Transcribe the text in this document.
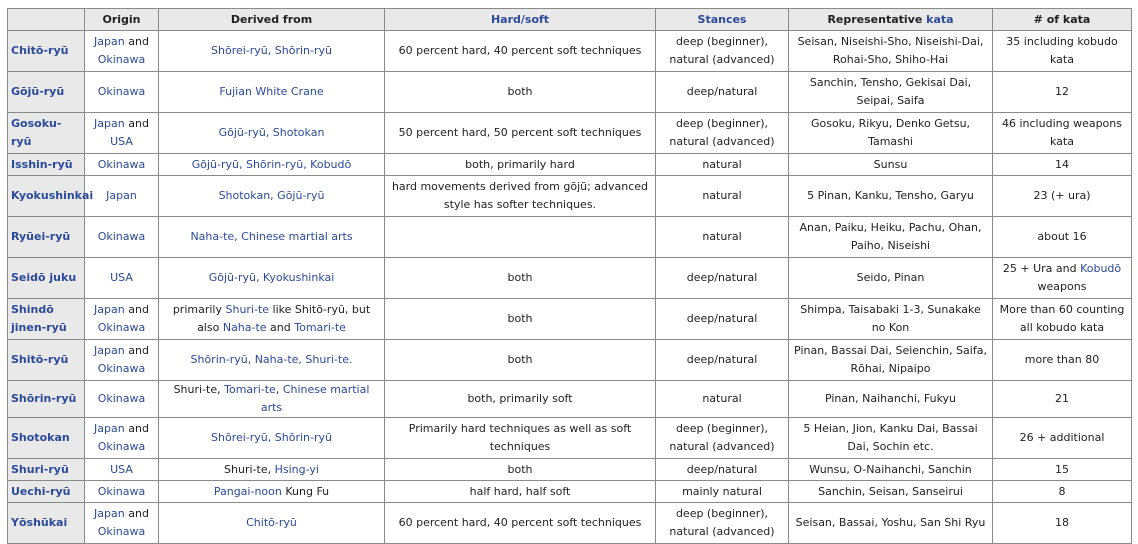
	Origin	Derived from	Hard/soft	Stances	Representative kata	# of kata
Chitō-ryū	Japan and Okinawa	Shōrei-ryū, Shōrin-ryū	60 percent hard, 40 percent soft techniques	deep (beginner), natural (advanced)	Seisan, Niseishi-Sho, Niseishi-Dai, Rohai-Sho, Shiho-Hai	35 including kobudo kata
Gōjū-ryū	Okinawa	Fujian White Crane	both	deep/natural	Sanchin, Tensho, Gekisai Dai, Seipai, Saifa	12
Gosoku-ryū	Japan and USA	Gōjū-ryū, Shotokan	50 percent hard, 50 percent soft techniques	deep (beginner), natural (advanced)	Gosoku, Rikyu, Denko Getsu, Tamashi	46 including weapons kata
Isshin-ryū	Okinawa	Gōjū-ryū, Shōrin-ryū, Kobudō	both, primarily hard	natural	Sunsu	14
Kyokushinkai	Japan	Shotokan, Gōjū-ryū	hard movements derived from gōjū; advanced style has softer techniques.	natural	5 Pinan, Kanku, Tensho, Garyu	23 (+ ura)
Ryūei-ryū	Okinawa	Naha-te, Chinese martial arts		natural	Anan, Paiku, Heiku, Pachu, Ohan, Paiho, Niseishi	about 16
Seidō juku	USA	Gōjū-ryū, Kyokushinkai	both	deep/natural	Seido, Pinan	25 + Ura and Kobudō weapons
Shindō jinen-ryū	Japan and Okinawa	primarily Shuri-te like Shitō-ryū, but also Naha-te and Tomari-te	both	deep/natural	Shimpa, Taisabaki 1-3, Sunakake no Kon	More than 60 counting all kobudo kata
Shitō-ryū	Japan and Okinawa	Shōrin-ryū, Naha-te, Shuri-te.	both	deep/natural	Pinan, Bassai Dai, Seienchin, Saifa, Rōhai, Nipaipo	more than 80
Shōrin-ryū	Okinawa	Shuri-te, Tomari-te, Chinese martial arts	both, primarily soft	natural	Pinan, Naihanchi, Fukyu	21
Shotokan	Japan and Okinawa	Shōrei-ryū, Shōrin-ryū	Primarily hard techniques as well as soft techniques	deep (beginner), natural (advanced)	5 Heian, Jion, Kanku Dai, Bassai Dai, Sochin etc.	26 + additional
Shuri-ryū	USA	Shuri-te, Hsing-yi	both	deep/natural	Wunsu, O-Naihanchi, Sanchin	15
Uechi-ryū	Okinawa	Pangai-noon Kung Fu	half hard, half soft	mainly natural	Sanchin, Seisan, Sanseirui	8
Yōshūkai	Japan and Okinawa	Chitō-ryū	60 percent hard, 40 percent soft techniques	deep (beginner), natural (advanced)	Seisan, Bassai, Yoshu, San Shi Ryu	18
